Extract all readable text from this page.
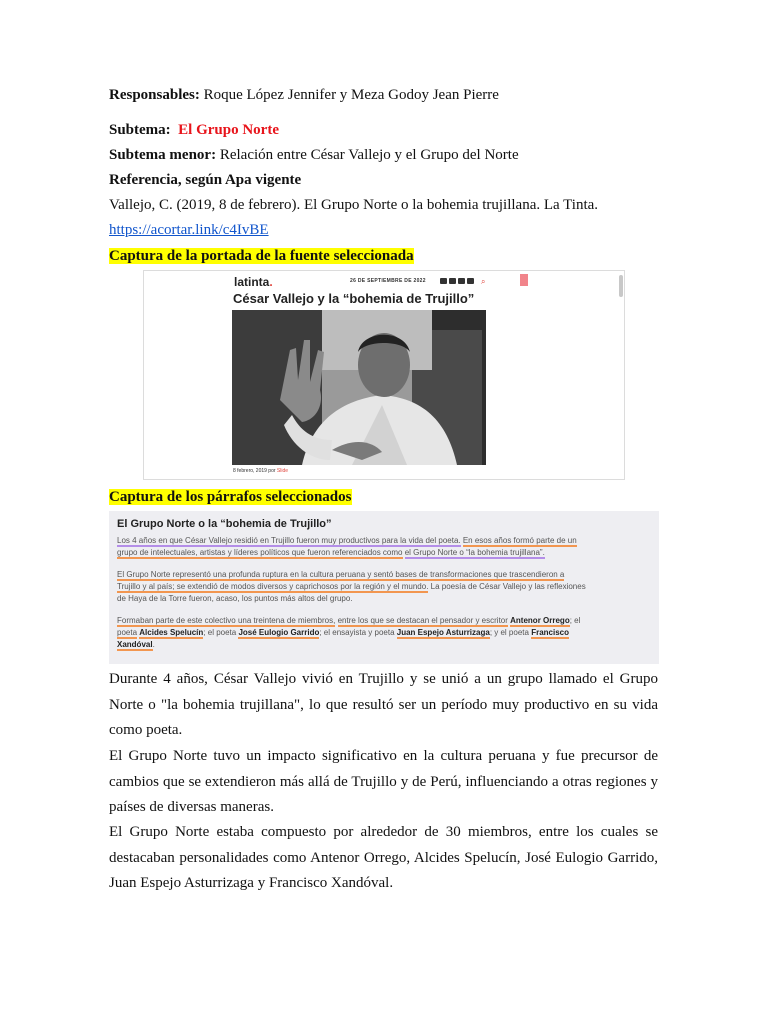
Responsables: Roque López Jennifer y Meza Godoy Jean Pierre
Subtema: El Grupo Norte
Subtema menor: Relación entre César Vallejo y el Grupo del Norte
Referencia, según Apa vigente
Vallejo, C. (2019, 8 de febrero). El Grupo Norte o la bohemia trujillana. La Tinta.
https://acortar.link/c4IvBE
Captura de la portada de la fuente seleccionada
latinta.	26 DE SEPTIEMBRE DE 2022	⌕
César Vallejo y la “bohemia de Trujillo”
8 febrero, 2019 por Slide
Captura de los párrafos seleccionados
El Grupo Norte o la “bohemia de Trujillo”
Los 4 años en que César Vallejo residió en Trujillo fueron muy productivos para la vida del poeta. En esos años formó parte de un
grupo de intelectuales, artistas y líderes políticos que fueron referenciados como el Grupo Norte o “la bohemia trujillana”.
El Grupo Norte representó una profunda ruptura en la cultura peruana y sentó bases de transformaciones que trascendieron a
Trujillo y al país; se extendió de modos diversos y caprichosos por la región y el mundo. La poesía de César Vallejo y las reflexiones
de Haya de la Torre fueron, acaso, los puntos más altos del grupo.
Formaban parte de este colectivo una treintena de miembros, entre los que se destacan el pensador y escritor Antenor Orrego; el
poeta Alcides Spelucín; el poeta José Eulogio Garrido; el ensayista y poeta Juan Espejo Asturrizaga; y el poeta Francisco
Xandóval.

Durante 4 años, César Vallejo vivió en Trujillo y se unió a un grupo llamado el Grupo Norte o "la bohemia trujillana", lo que resultó ser un período muy productivo en su vida como poeta.

El Grupo Norte tuvo un impacto significativo en la cultura peruana y fue precursor de cambios que se extendieron más allá de Trujillo y de Perú, influenciando a otras regiones y países de diversas maneras.

El Grupo Norte estaba compuesto por alrededor de 30 miembros, entre los cuales se destacaban personalidades como Antenor Orrego, Alcides Spelucín, José Eulogio Garrido, Juan Espejo Asturrizaga y Francisco Xandóval.
